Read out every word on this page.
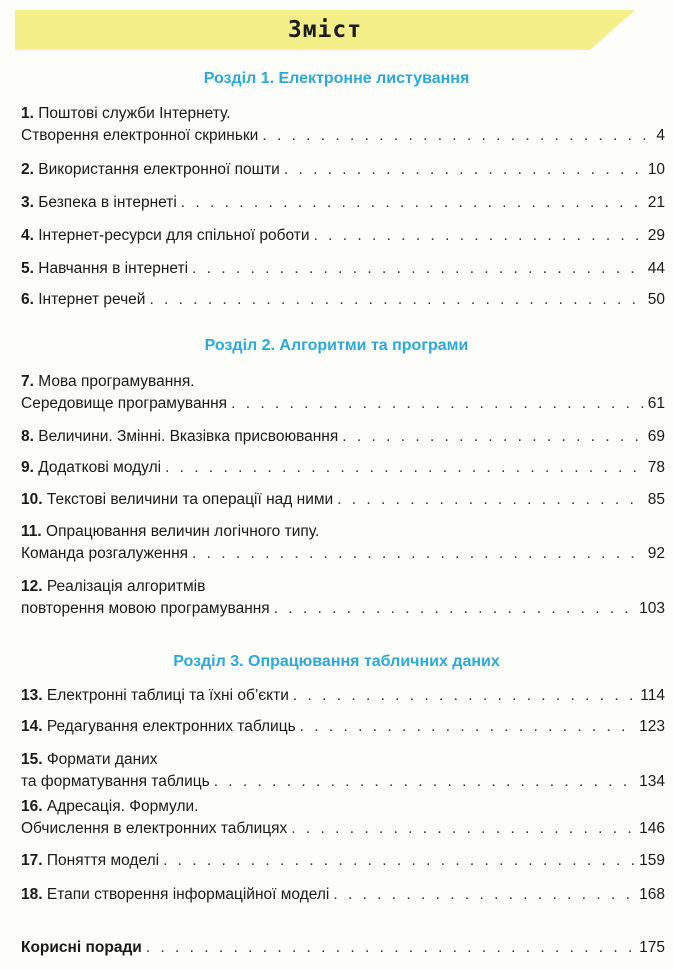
Зміст
Розділ 1. Електронне листування
1. Поштові служби Інтернету.
Створення електронної скриньки . . .	4
2. Використання електронної пошти . . .	10
3. Безпека в інтернеті . . .	21
4. Інтернет-ресурси для спільної роботи . . .	29
5. Навчання в інтернеті . . .	44
6. Інтернет речей . . .	50
Розділ 2. Алгоритми та програми
7. Мова програмування.
Середовище програмування . . .	61
8. Величини. Змінні. Вказівка присвоювання . . .	69
9. Додаткові модулі . . .	78
10. Текстові величини та операції над ними . . .	85
11. Опрацювання величин логічного типу.
Команда розгалуження . . .	92
12. Реалізація алгоритмів
повторення мовою програмування . . .	103
Розділ 3. Опрацювання табличних даних
13. Електронні таблиці та їхні об’єкти . . .	114
14. Редагування електронних таблиць . . .	123
15. Формати даних
та форматування таблиць . . .	134
16. Адресація. Формули.
Обчислення в електронних таблицях . . .	146
17. Поняття моделі . . .	159
18. Етапи створення інформаційної моделі . . .	168
Корисні поради . . .	175
